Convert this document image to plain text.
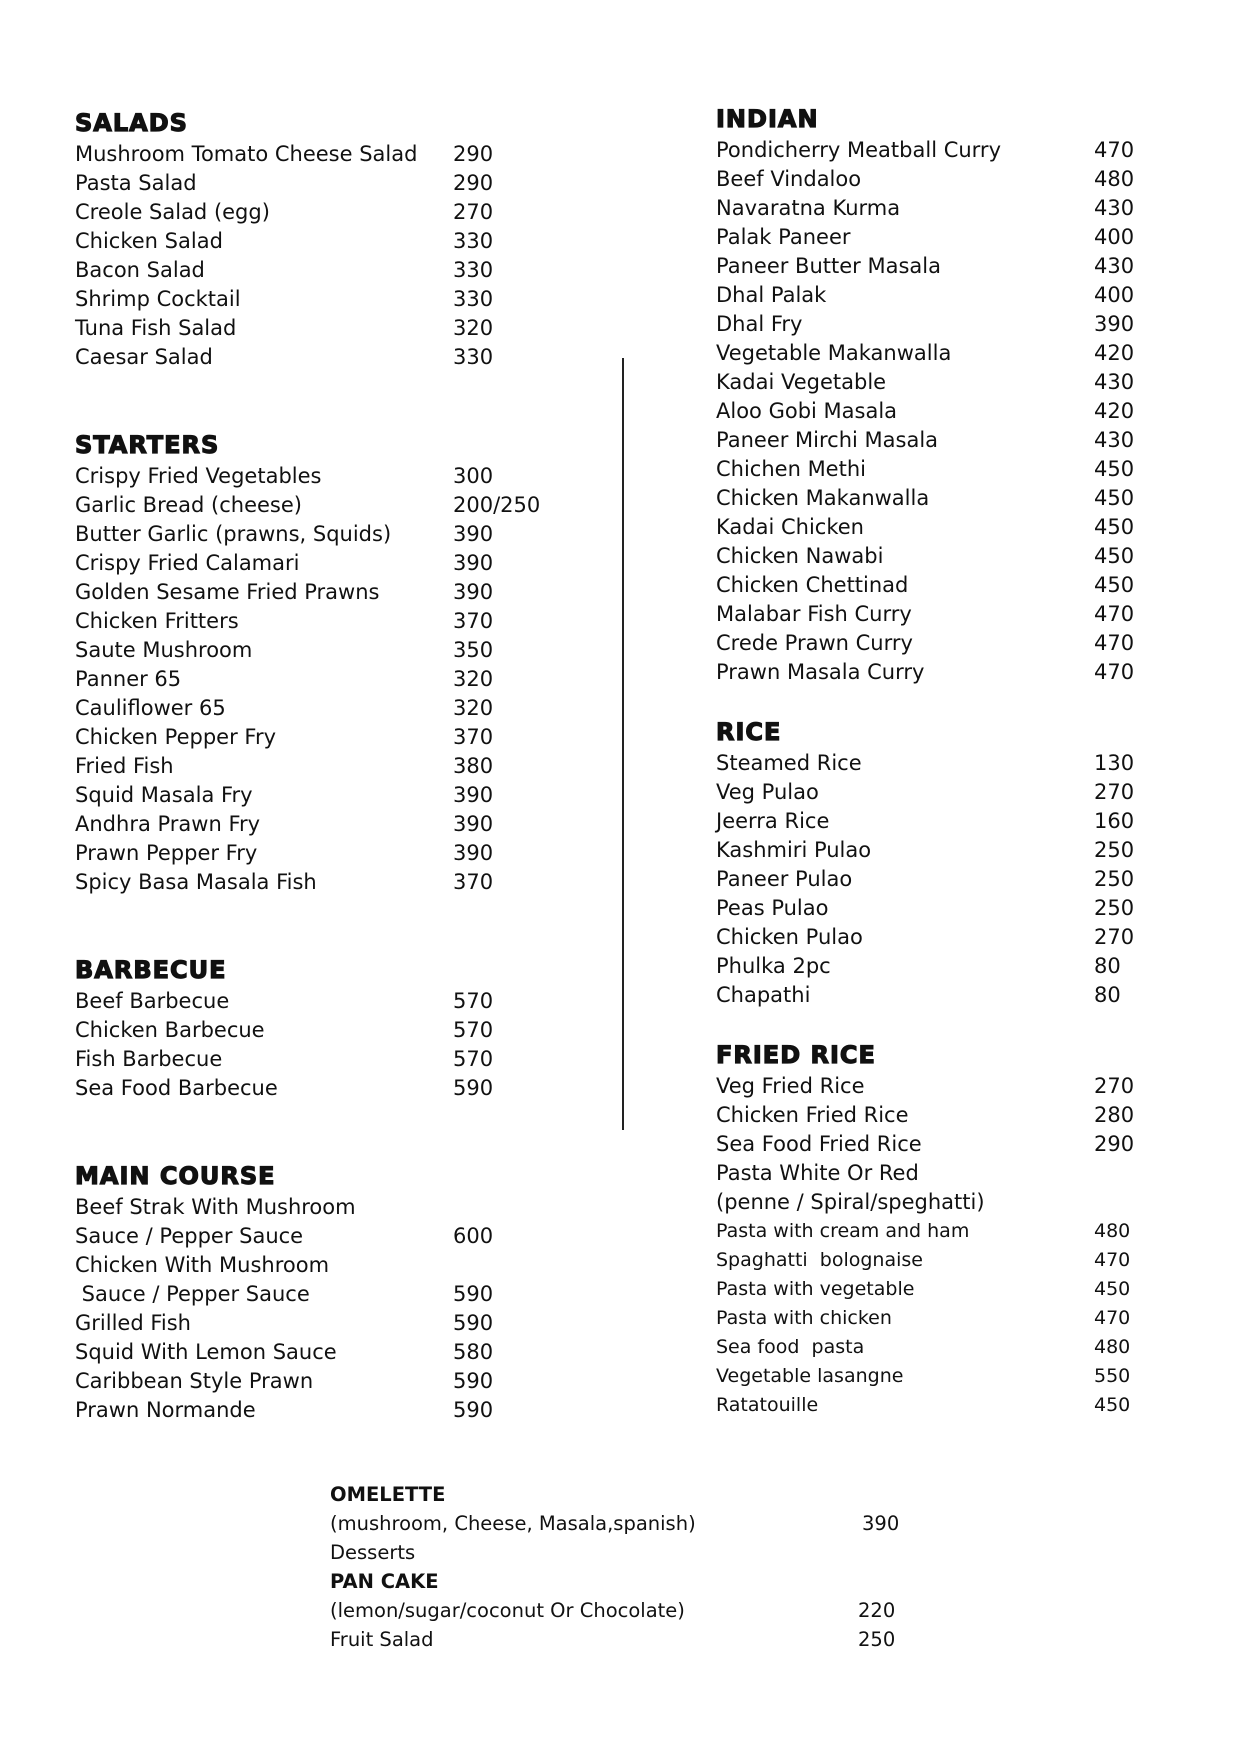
SALADS
Mushroom Tomato Cheese Salad 290
Pasta Salad	290
Creole Salad (egg)	270
Chicken Salad	330
Bacon Salad	330
Shrimp Cocktail	330
Tuna Fish Salad	320
Caesar Salad	330
STARTERS
Crispy Fried Vegetables	300
Garlic Bread (cheese)	200/250
Butter Garlic (prawns, Squids)	390
Crispy Fried Calamari	390
Golden Sesame Fried Prawns	390
Chicken Fritters	370
Saute Mushroom	350
Panner 65	320
Cauliflower 65	320
Chicken Pepper Fry	370
Fried Fish	380
Squid Masala Fry	390
Andhra Prawn Fry	390
Prawn Pepper Fry	390
Spicy Basa Masala Fish	370
BARBECUE
Beef Barbecue	570
Chicken Barbecue	570
Fish Barbecue	570
Sea Food Barbecue	590
MAIN COURSE
Beef Strak With Mushroom
Sauce / Pepper Sauce	600
Chicken With Mushroom
Sauce / Pepper Sauce	590
Grilled Fish	590
Squid With Lemon Sauce	580
Caribbean Style Prawn	590
Prawn Normande	590
INDIAN
Pondicherry Meatball Curry	470
Beef Vindaloo	480
Navaratna Kurma	430
Palak Paneer	400
Paneer Butter Masala	430
Dhal Palak	400
Dhal Fry	390
Vegetable Makanwalla	420
Kadai Vegetable	430
Aloo Gobi Masala	420
Paneer Mirchi Masala	430
Chichen Methi	450
Chicken Makanwalla	450
Kadai Chicken	450
Chicken Nawabi	450
Chicken Chettinad	450
Malabar Fish Curry	470
Crede Prawn Curry	470
Prawn Masala Curry	470
RICE
Steamed Rice	130
Veg Pulao	270
Jeerra Rice	160
Kashmiri Pulao	250
Paneer Pulao	250
Peas Pulao	250
Chicken Pulao	270
Phulka 2pc	80
Chapathi	80
FRIED RICE
Veg Fried Rice	270
Chicken Fried Rice	280
Sea Food Fried Rice	290
Pasta White Or Red
(penne / Spiral/speghatti)
Pasta with cream and ham	480
Spaghatti  bolognaise	470
Pasta with vegetable	450
Pasta with chicken	470
Sea food  pasta	480
Vegetable lasangne	550
Ratatouille	450
OMELETTE
(mushroom, Cheese, Masala,spanish)	390
Desserts
PAN CAKE
(lemon/sugar/coconut Or Chocolate)	220
Fruit Salad	250
